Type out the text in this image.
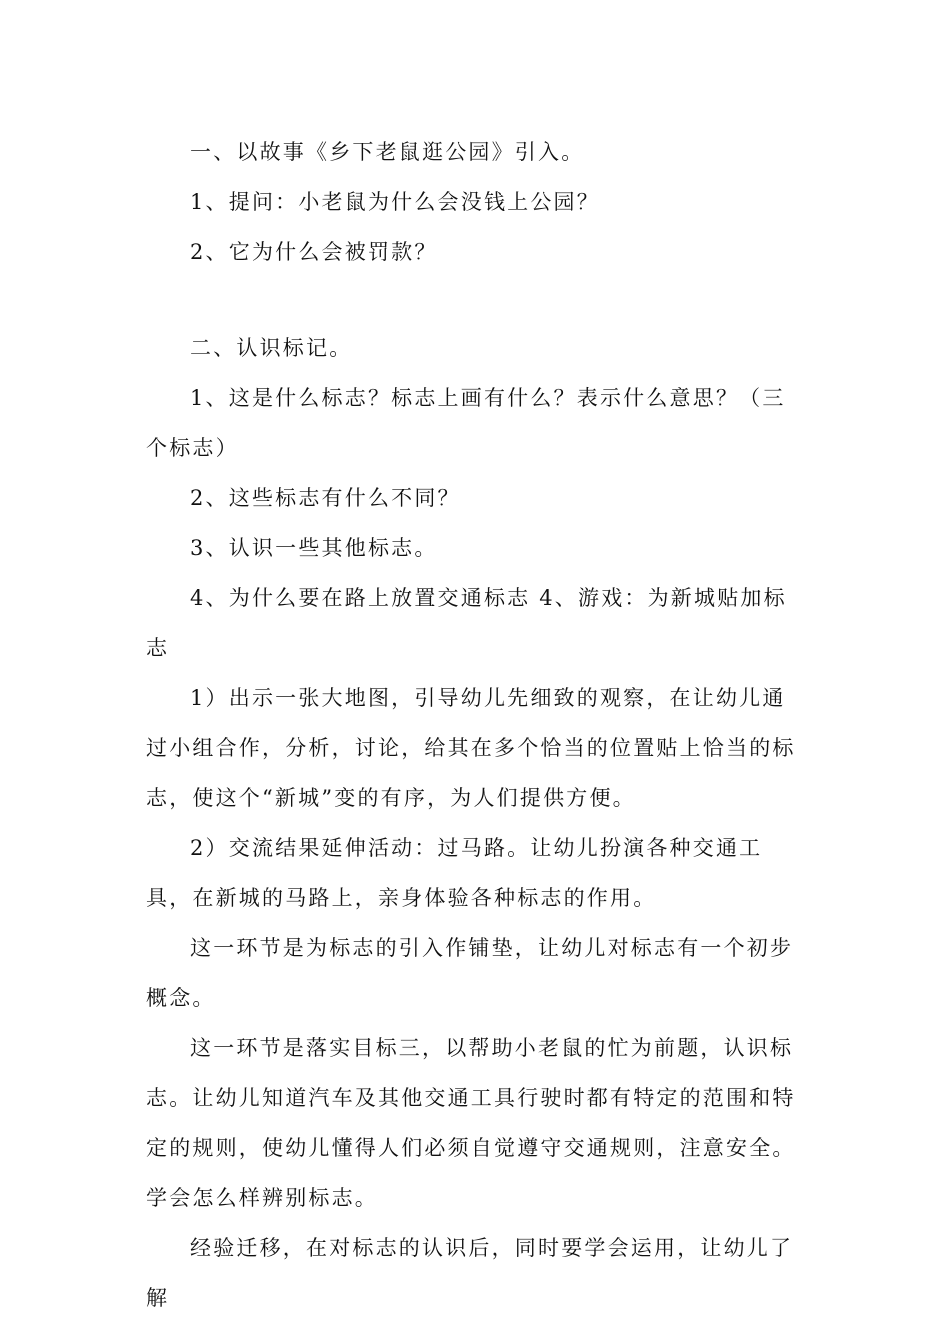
一、以故事《乡下老鼠逛公园》引入。

1、提问：小老鼠为什么会没钱上公园？

2、它为什么会被罚款？

二、认识标记。

1、这是什么标志？标志上画有什么？表示什么意思？（三个标志）

2、这些标志有什么不同？

3、认识一些其他标志。

4、为什么要在路上放置交通标志 4、游戏：为新城贴加标志

1）出示一张大地图，引导幼儿先细致的观察，在让幼儿通过小组合作，分析，讨论，给其在多个恰当的位置贴上恰当的标志，使这个“新城”变的有序，为人们提供方便。

2）交流结果延伸活动：过马路。让幼儿扮演各种交通工具，在新城的马路上，亲身体验各种标志的作用。

这一环节是为标志的引入作铺垫，让幼儿对标志有一个初步概念。

这一环节是落实目标三，以帮助小老鼠的忙为前题，认识标志。让幼儿知道汽车及其他交通工具行驶时都有特定的范围和特定的规则，使幼儿懂得人们必须自觉遵守交通规则，注意安全。学会怎么样辨别标志。

经验迁移，在对标志的认识后，同时要学会运用，让幼儿了解
